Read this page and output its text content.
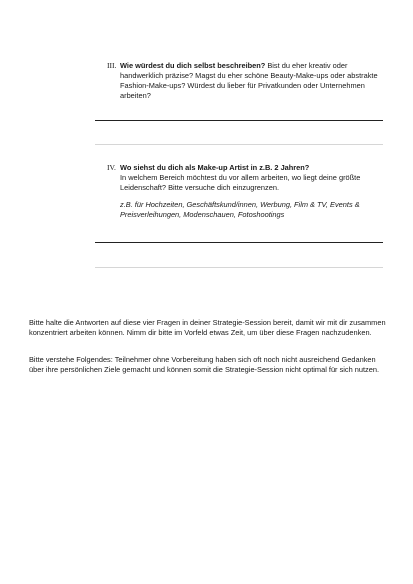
III. Wie würdest du dich selbst beschreiben? Bist du eher kreativ oder handwerklich präzise? Magst du eher schöne Beauty-Make-ups oder abstrakte Fashion-Make-ups? Würdest du lieber für Privatkunden oder Unternehmen arbeiten?
IV. Wo siehst du dich als Make-up Artist in z.B. 2 Jahren?
In welchem Bereich möchtest du vor allem arbeiten, wo liegt deine größte Leidenschaft? Bitte versuche dich einzugrenzen.
z.B. für Hochzeiten, Geschäftskund/innen, Werbung, Film & TV, Events & Preisverleihungen, Modenschauen, Fotoshootings
Bitte halte die Antworten auf diese vier Fragen in deiner Strategie-Session bereit, damit wir mit dir zusammen konzentriert arbeiten können. Nimm dir bitte im Vorfeld etwas Zeit, um über diese Fragen nachzudenken.
Bitte verstehe Folgendes: Teilnehmer ohne Vorbereitung haben sich oft noch nicht ausreichend Gedanken über ihre persönlichen Ziele gemacht und können somit die Strategie-Session nicht optimal für sich nutzen.
